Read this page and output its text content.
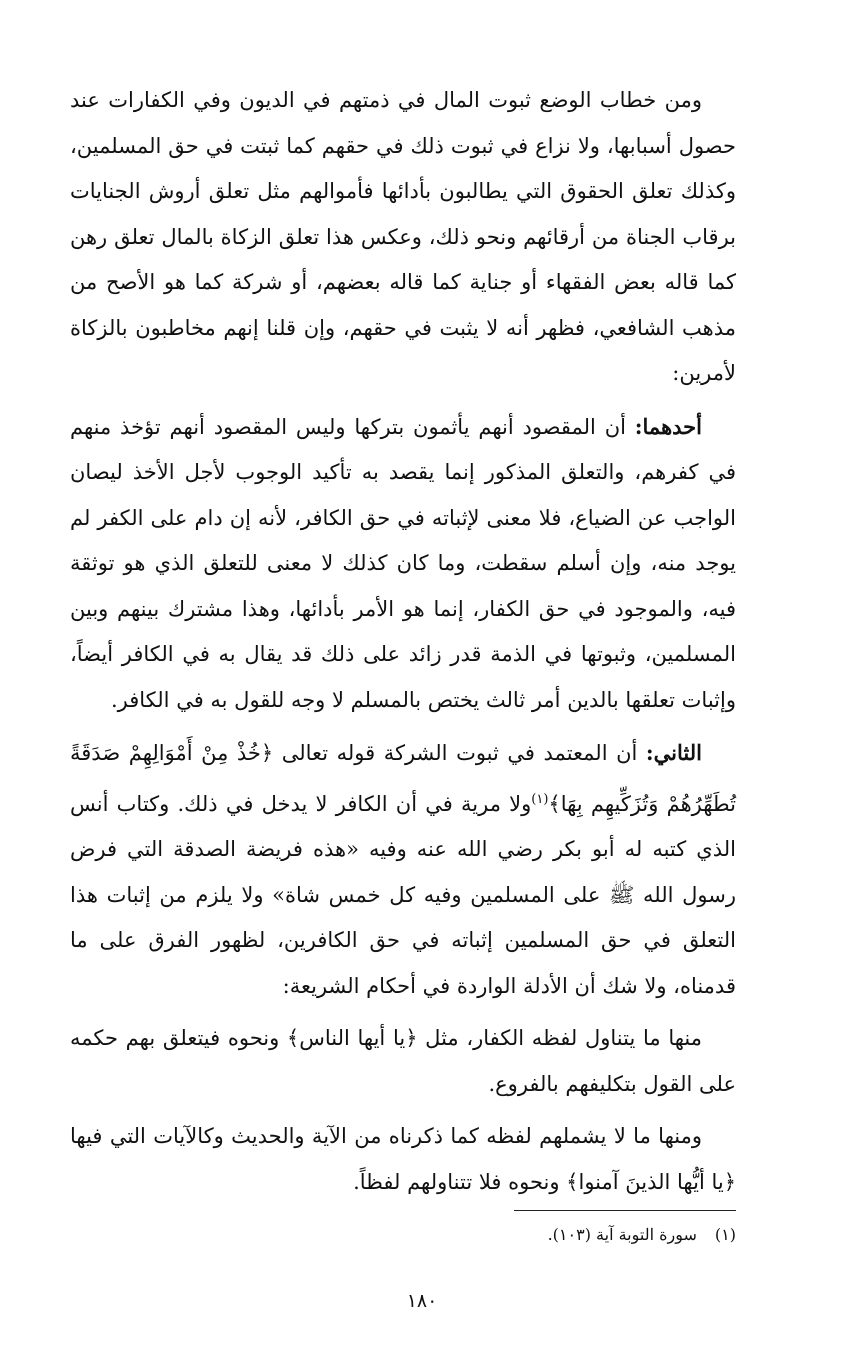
ومن خطاب الوضع ثبوت المال في ذمتهم في الديون وفي الكفارات عند حصول أسبابها، ولا نزاع في ثبوت ذلك في حقهم كما ثبتت في حق المسلمين، وكذلك تعلق الحقوق التي يطالبون بأدائها فأموالهم مثل تعلق أروش الجنايات برقاب الجناة من أرقائهم ونحو ذلك، وعكس هذا تعلق الزكاة بالمال تعلق رهن كما قاله بعض الفقهاء أو جناية كما قاله بعضهم، أو شركة كما هو الأصح من مذهب الشافعي، فظهر أنه لا يثبت في حقهم، وإن قلنا إنهم مخاطبون بالزكاة لأمرين:

أحدهما: أن المقصود أنهم يأثمون بتركها وليس المقصود أنهم تؤخذ منهم في كفرهم، والتعلق المذكور إنما يقصد به تأكيد الوجوب لأجل الأخذ ليصان الواجب عن الضياع، فلا معنى لإثباته في حق الكافر، لأنه إن دام على الكفر لم يوجد منه، وإن أسلم سقطت، وما كان كذلك لا معنى للتعلق الذي هو توثقة فيه، والموجود في حق الكفار، إنما هو الأمر بأدائها، وهذا مشترك بينهم وبين المسلمين، وثبوتها في الذمة قدر زائد على ذلك قد يقال به في الكافر أيضاً، وإثبات تعلقها بالدين أمر ثالث يختص بالمسلم لا وجه للقول به في الكافر.

الثاني: أن المعتمد في ثبوت الشركة قوله تعالى ﴿خُذْ مِنْ أَمْوَالِهِمْ صَدَقَةً تُطَهِّرُهُمْ وَتُزَكِّيهِم بِهَا﴾$^{(١)}$ولا مرية في أن الكافر لا يدخل في ذلك. وكتاب أنس الذي كتبه له أبو بكر رضي الله عنه وفيه «هذه فريضة الصدقة التي فرض رسول الله ﷺ على المسلمين وفيه كل خمس شاة» ولا يلزم من إثبات هذا التعلق في حق المسلمين إثباته في حق الكافرين، لظهور الفرق على ما قدمناه، ولا شك أن الأدلة الواردة في أحكام الشريعة:

منها ما يتناول لفظه الكفار، مثل ﴿يا أيها الناس﴾ ونحوه فيتعلق بهم حكمه على القول بتكليفهم بالفروع.

ومنها ما لا يشملهم لفظه كما ذكرناه من الآية والحديث وكالآيات التي فيها ﴿يا أيُّها الذينَ آمنوا﴾ ونحوه فلا تتناولهم لفظاً.

(١)سورة التوبة آية (١٠٣).
١٨٠
